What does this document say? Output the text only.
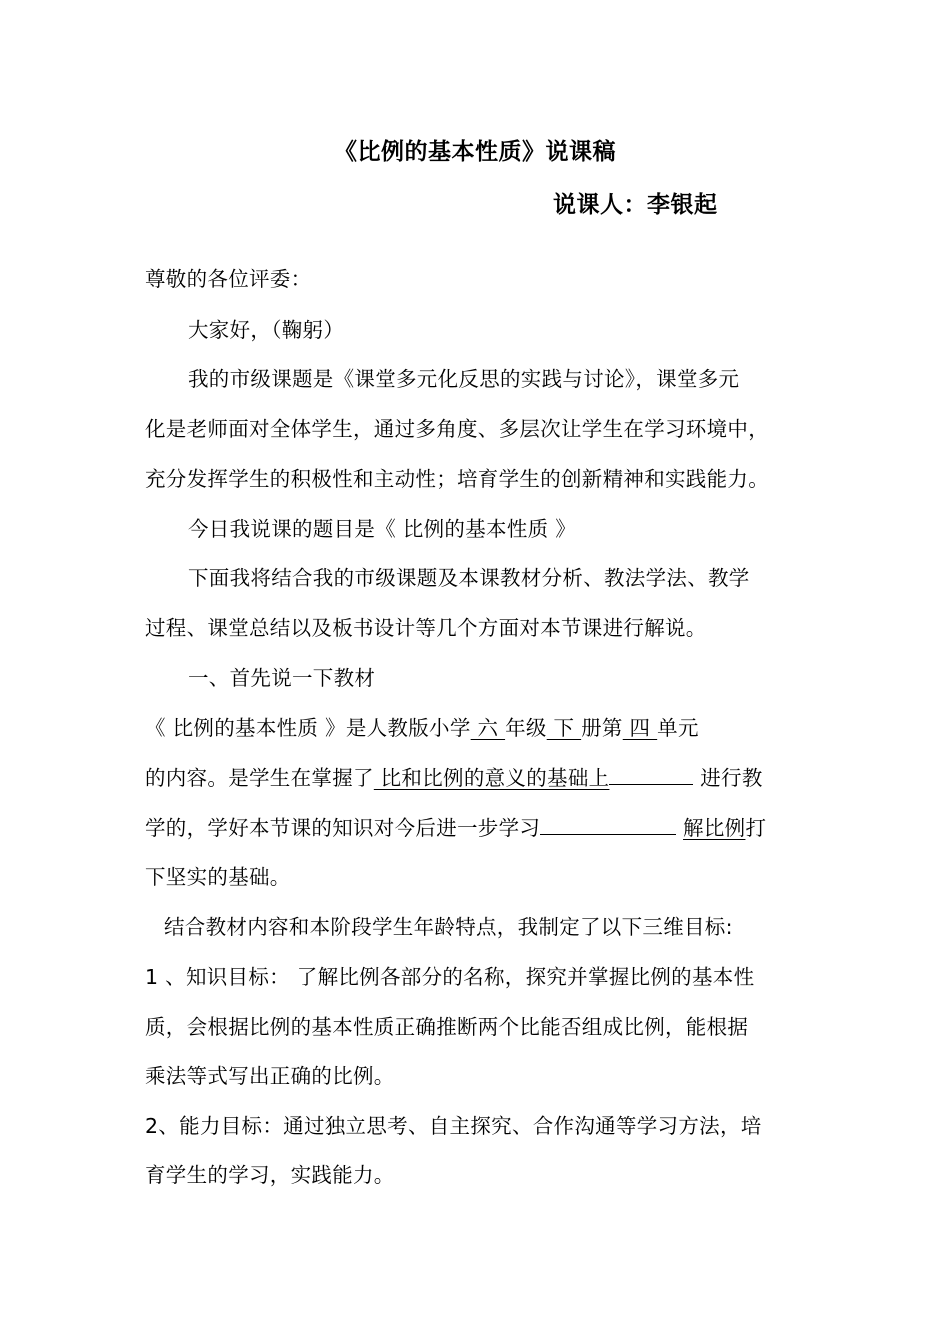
《比例的基本性质》说课稿
说课人：李银起
尊敬的各位评委：
大家好，（鞠躬）
我的市级课题是《课堂多元化反思的实践与讨论》，课堂多元
化是老师面对全体学生，通过多角度、多层次让学生在学习环境中，
充分发挥学生的积极性和主动性；培育学生的创新精神和实践能力。
今日我说课的题目是《 比例的基本性质 》
下面我将结合我的市级课题及本课教材分析、教法学法、教学
过程、课堂总结以及板书设计等几个方面对本节课进行解说。
一、首先说一下教材
《 比例的基本性质 》是人教版小学 六 年级 下 册第 四 单元
的内容。是学生在掌握了 比和比例的意义的基础上	进行教
学的，学好本节课的知识对今后进一步学习	解比例打
下坚实的基础。
结合教材内容和本阶段学生年龄特点，我制定了以下三维目标:
1 、知识目标： 了解比例各部分的名称，探究并掌握比例的基本性
质，会根据比例的基本性质正确推断两个比能否组成比例，能根据
乘法等式写出正确的比例。
2、能力目标：通过独立思考、自主探究、合作沟通等学习方法，培
育学生的学习，实践能力。
